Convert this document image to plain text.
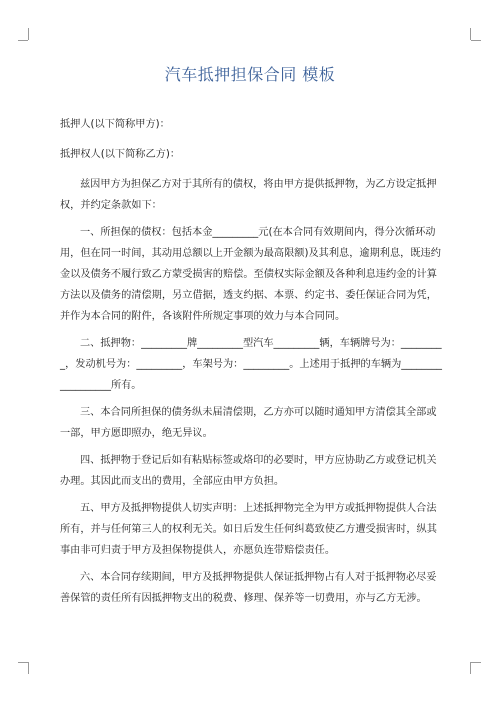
汽车抵押担保合同 模板
抵押人(以下简称甲方)：
抵押权人(以下简称乙方)：
兹因甲方为担保乙方对于其所有的债权，将由甲方提供抵押物，为乙方设定抵押
权，并约定条款如下：
一、所担保的债权：包括本金_________元(在本合同有效期间内，得分次循环动
用，但在同一时间，其动用总额以上开金额为最高限额)及其利息，逾期利息，既违约
金以及债务不履行致乙方蒙受损害的赔偿。至债权实际金额及各种利息违约金的计算
方法以及债务的清偿期，另立借据，透支约据、本票、约定书、委任保证合同为凭，
并作为本合同的附件，各该附件所规定事项的效力与本合同同。
二、抵押物：_________牌_________型汽车_________辆，车辆牌号为：________
_，发动机号为：_________，车架号为：_________。上述用于抵押的车辆为________
__________所有。
三、本合同所担保的债务纵未届清偿期，乙方亦可以随时通知甲方清偿其全部或
一部，甲方愿即照办，绝无异议。
四、抵押物于登记后如有粘贴标签或烙印的必要时，甲方应协助乙方或登记机关
办理。其因此而支出的费用，全部应由甲方负担。
五、甲方及抵押物提供人切实声明：上述抵押物完全为甲方或抵押物提供人合法
所有，并与任何第三人的权利无关。如日后发生任何纠葛致使乙方遭受损害时，纵其
事由非可归责于甲方及担保物提供人，亦愿负连带赔偿责任。
六、本合同存续期间，甲方及抵押物提供人保证抵押物占有人对于抵押物必尽妥
善保管的责任所有因抵押物支出的税费、修理、保养等一切费用，亦与乙方无涉。
